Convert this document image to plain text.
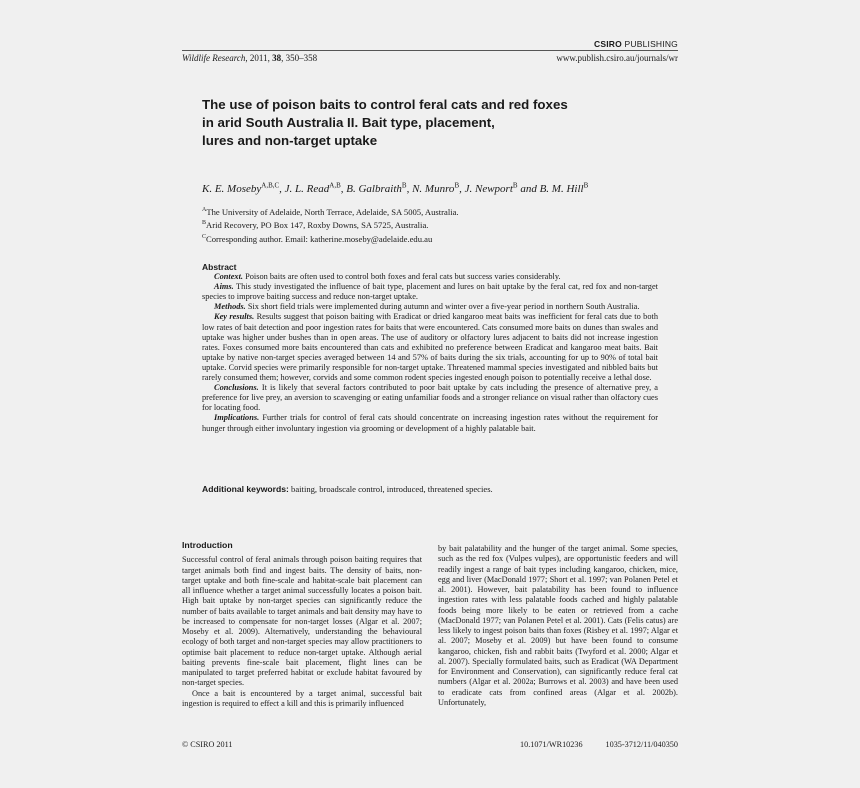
CSIRO PUBLISHING
Wildlife Research, 2011, 38, 350–358	www.publish.csiro.au/journals/wr
The use of poison baits to control feral cats and red foxes
in arid South Australia II. Bait type, placement,
lures and non-target uptake
K. E. Moseby$^{A,B,C}$, J. L. Read$^{A,B}$, B. Galbraith$^B$, N. Munro$^B$, J. Newport$^B$ and B. M. Hill$^B$
$^A$The University of Adelaide, North Terrace, Adelaide, SA 5005, Australia.
$^B$Arid Recovery, PO Box 147, Roxby Downs, SA 5725, Australia.
$^C$Corresponding author. Email: katherine.moseby@adelaide.edu.au
Abstract

Context. Poison baits are often used to control both foxes and feral cats but success varies considerably.

Aims. This study investigated the influence of bait type, placement and lures on bait uptake by the feral cat, red fox and non-target species to improve baiting success and reduce non-target uptake.

Methods. Six short field trials were implemented during autumn and winter over a five-year period in northern South Australia.

Key results. Results suggest that poison baiting with Eradicat or dried kangaroo meat baits was inefficient for feral cats due to both low rates of bait detection and poor ingestion rates for baits that were encountered. Cats consumed more baits on dunes than swales and uptake was higher under bushes than in open areas. The use of auditory or olfactory lures adjacent to baits did not increase ingestion rates. Foxes consumed more baits encountered than cats and exhibited no preference between Eradicat and kangaroo meat baits. Bait uptake by native non-target species averaged between 14 and 57% of baits during the six trials, accounting for up to 90% of total bait uptake. Corvid species were primarily responsible for non-target uptake. Threatened mammal species investigated and nibbled baits but rarely consumed them; however, corvids and some common rodent species ingested enough poison to potentially receive a lethal dose.

Conclusions. It is likely that several factors contributed to poor bait uptake by cats including the presence of alternative prey, a preference for live prey, an aversion to scavenging or eating unfamiliar foods and a stronger reliance on visual rather than olfactory cues for locating food.

Implications. Further trials for control of feral cats should concentrate on increasing ingestion rates without the requirement for hunger through either involuntary ingestion via grooming or development of a highly palatable bait.

Additional keywords: baiting, broadscale control, introduced, threatened species.
Introduction

Successful control of feral animals through poison baiting requires that target animals both find and ingest baits. The density of baits, non-target uptake and both fine-scale and habitat-scale bait placement can all influence whether a target animal successfully locates a poison bait. High bait uptake by non-target species can significantly reduce the number of baits available to target animals and bait density may have to be increased to compensate for non-target losses (Algar et al. 2007; Moseby et al. 2009). Alternatively, understanding the behavioural ecology of both target and non-target species may allow practitioners to optimise bait placement to reduce non-target uptake. Although aerial baiting prevents fine-scale bait placement, flight lines can be manipulated to target preferred habitat or exclude habitat favoured by non-target species.

Once a bait is encountered by a target animal, successful bait ingestion is required to effect a kill and this is primarily influenced

by bait palatability and the hunger of the target animal. Some species, such as the red fox (Vulpes vulpes), are opportunistic feeders and will readily ingest a range of bait types including kangaroo, chicken, mice, egg and liver (MacDonald 1977; Short et al. 1997; van Polanen Petel et al. 2001). However, bait palatability has been found to influence ingestion rates with less palatable foods cached and highly palatable foods being more likely to be eaten or retrieved from a cache (MacDonald 1977; van Polanen Petel et al. 2001). Cats (Felis catus) are less likely to ingest poison baits than foxes (Risbey et al. 1997; Algar et al. 2007; Moseby et al. 2009) but have been found to consume kangaroo, chicken, fish and rabbit baits (Twyford et al. 2000; Algar et al. 2007). Specially formulated baits, such as Eradicat (WA Department for Environment and Conservation), can significantly reduce feral cat numbers (Algar et al. 2002a; Burrows et al. 2003) and have been used to eradicate cats from confined areas (Algar et al. 2002b). Unfortunately,

© CSIRO 2011	10.1071/WR10236	1035-3712/11/040350
